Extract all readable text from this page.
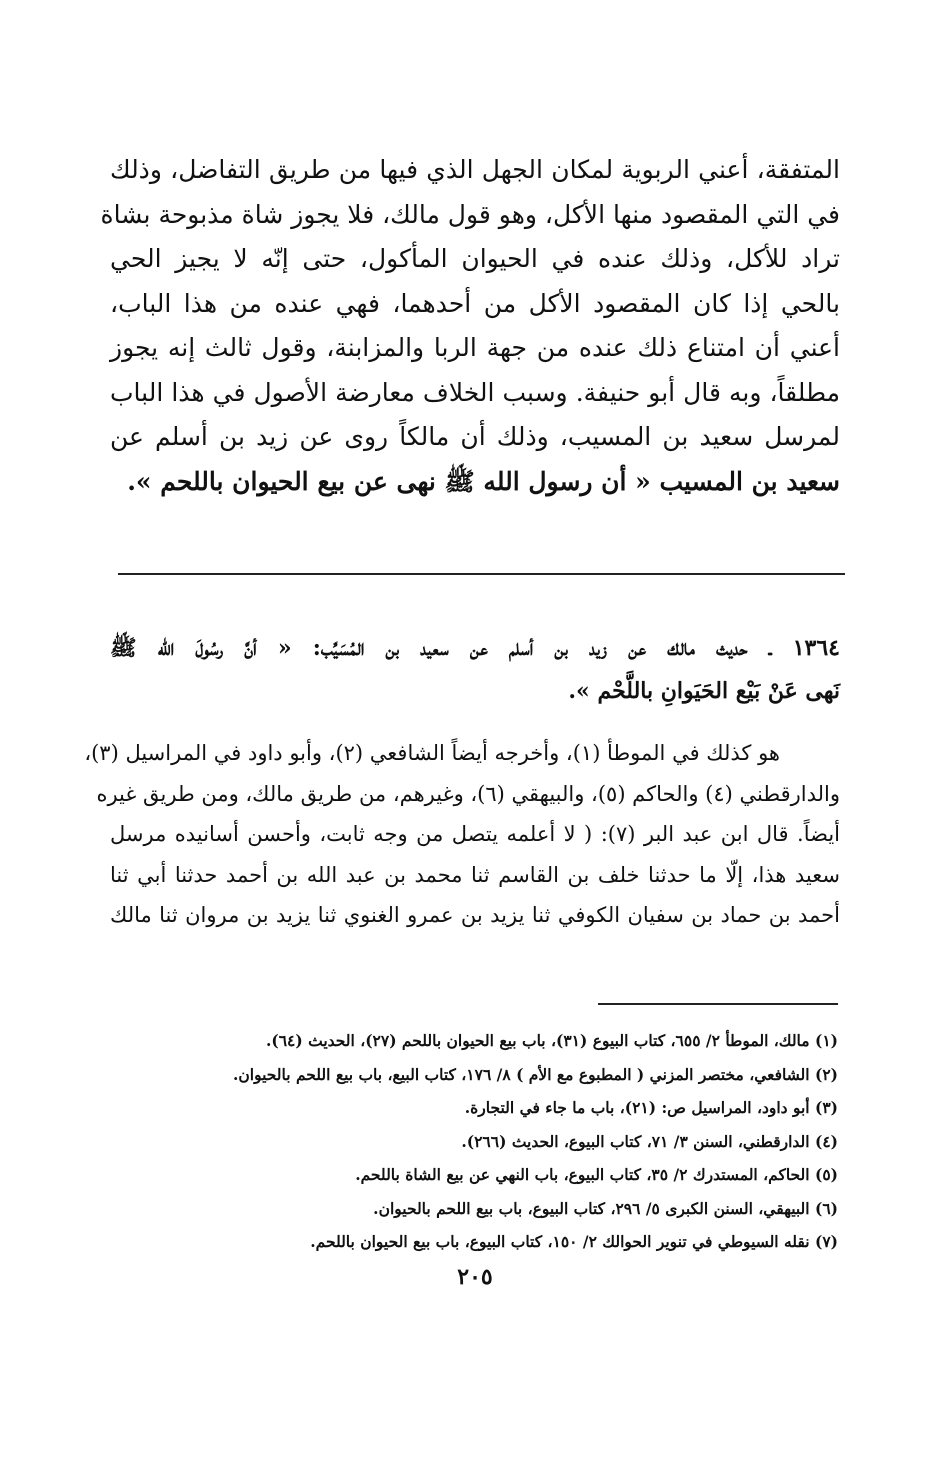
المتفقة، أعني الربوية لمكان الجهل الذي فيها من طريق التفاضل، وذلك
في التي المقصود منها الأكل، وهو قول مالك، فلا يجوز شاة مذبوحة بشاة
تراد للأكل، وذلك عنده في الحيوان المأكول، حتى إنّه لا يجيز الحي
بالحي إذا كان المقصود الأكل من أحدهما، فهي عنده من هذا الباب،
أعني أن امتناع ذلك عنده من جهة الربا والمزابنة، وقول ثالث إنه يجوز
مطلقاً، وبه قال أبو حنيفة. وسبب الخلاف معارضة الأصول في هذا الباب
لمرسل سعيد بن المسيب، وذلك أن مالكاً روى عن زيد بن أسلم عن
سعيد بن المسيب « أن رسول الله ﷺ نهى عن بيع الحيوان باللحم ».
١٣٦٤ ـ حديث مالك عن زيد بن أسلم عن سعيد بن المُسَيِّب: « أنَّ رسُولَ الله ﷺ
نَهى عَنْ بَيْع الحَيَوانِ باللَّحْم ».
هو كذلك في الموطأ (١)، وأخرجه أيضاً الشافعي (٢)، وأبو داود في المراسيل (٣)،
والدارقطني (٤) والحاكم (٥)، والبيهقي (٦)، وغيرهم، من طريق مالك، ومن طريق غيره
أيضاً. قال ابن عبد البر (٧): ( لا أعلمه يتصل من وجه ثابت، وأحسن أسانيده مرسل
سعيد هذا، إلّا ما حدثنا خلف بن القاسم ثنا محمد بن عبد الله بن أحمد حدثنا أبي ثنا
أحمد بن حماد بن سفيان الكوفي ثنا يزيد بن عمرو الغنوي ثنا يزيد بن مروان ثنا مالك
(١) مالك، الموطأ ٢/ ٦٥٥، كتاب البيوع (٣١)، باب بيع الحيوان باللحم (٢٧)، الحديث (٦٤).
(٢) الشافعي، مختصر المزني ( المطبوع مع الأم ) ٨/ ١٧٦، كتاب البيع، باب بيع اللحم بالحيوان.
(٣) أبو داود، المراسيل ص: (٢١)، باب ما جاء في التجارة.
(٤) الدارقطني، السنن ٣/ ٧١، كتاب البيوع، الحديث (٢٦٦).
(٥) الحاكم، المستدرك ٢/ ٣٥، كتاب البيوع، باب النهي عن بيع الشاة باللحم.
(٦) البيهقي، السنن الكبرى ٥/ ٢٩٦، كتاب البيوع، باب بيع اللحم بالحيوان.
(٧) نقله السيوطي في تنوير الحوالك ٢/ ١٥٠، كتاب البيوع، باب بيع الحيوان باللحم.
٢٠٥
